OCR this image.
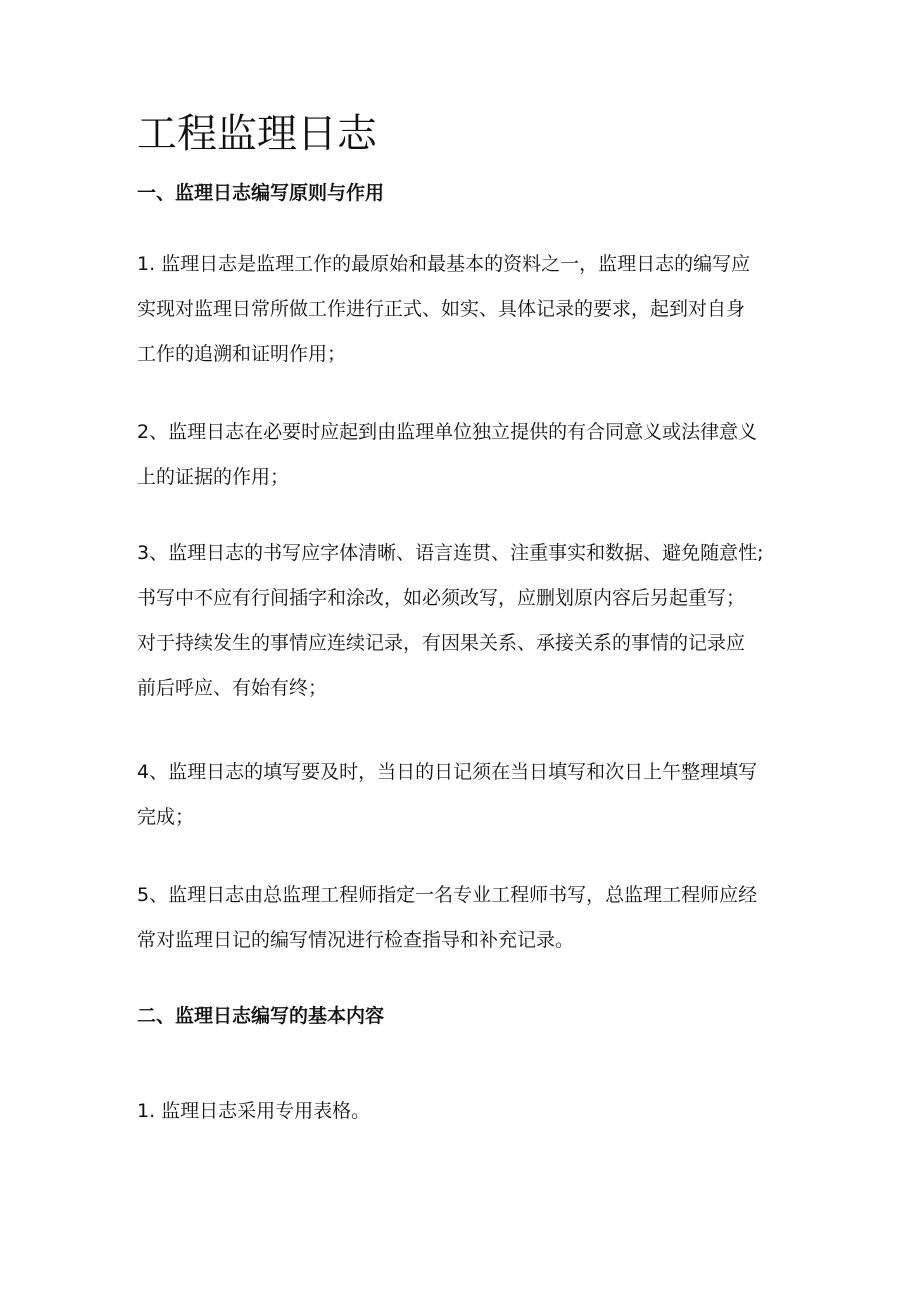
工程监理日志
一、监理日志编写原则与作用
1. 监理日志是监理工作的最原始和最基本的资料之一，监理日志的编写应
实现对监理日常所做工作进行正式、如实、具体记录的要求，起到对自身
工作的追溯和证明作用；
2、监理日志在必要时应起到由监理单位独立提供的有合同意义或法律意义
上的证据的作用；
3、监理日志的书写应字体清晰、语言连贯、注重事实和数据、避免随意性;
书写中不应有行间插字和涂改，如必须改写，应删划原内容后另起重写；
对于持续发生的事情应连续记录，有因果关系、承接关系的事情的记录应
前后呼应、有始有终；
4、监理日志的填写要及时，当日的日记须在当日填写和次日上午整理填写
完成；
5、监理日志由总监理工程师指定一名专业工程师书写，总监理工程师应经
常对监理日记的编写情况进行检查指导和补充记录。
二、监理日志编写的基本内容
1. 监理日志采用专用表格。
